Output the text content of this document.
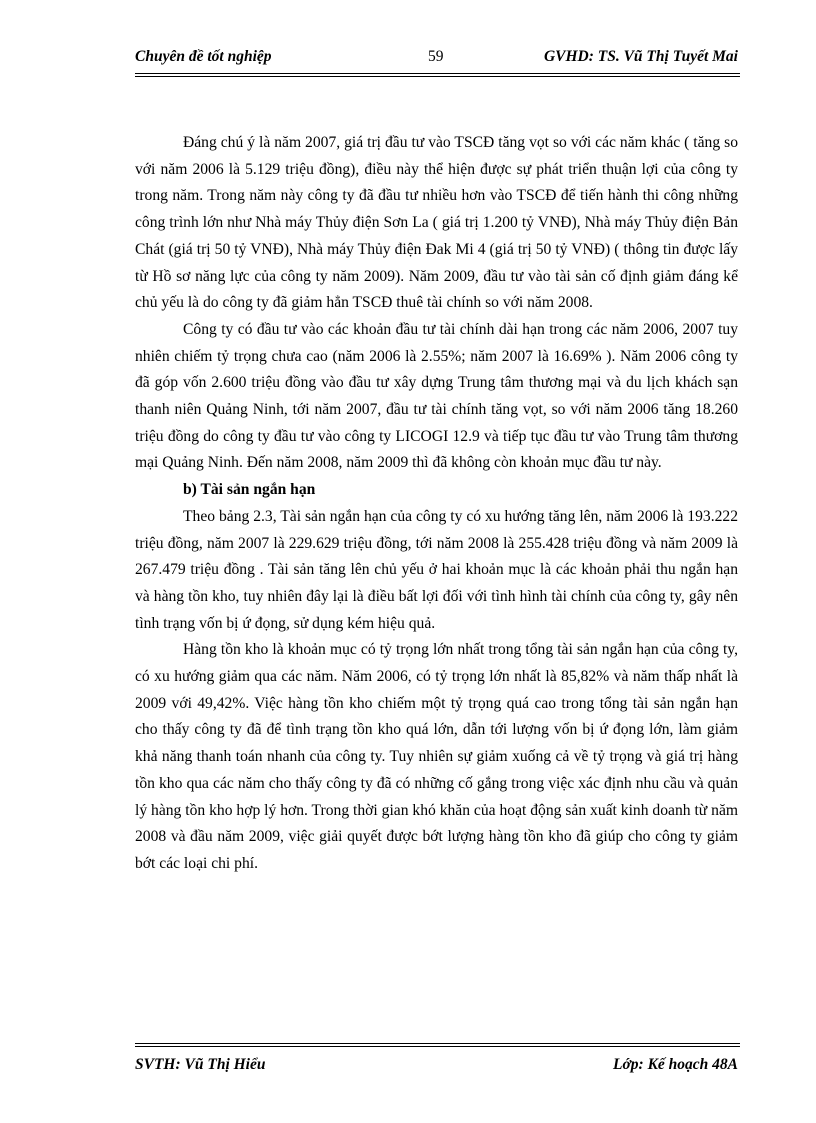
Chuyên đề tốt nghiệp	59	GVHD: TS. Vũ Thị Tuyết Mai

Đáng chú ý là năm 2007, giá trị đầu tư vào TSCĐ tăng vọt so với các năm khác ( tăng so với năm 2006 là 5.129 triệu đồng), điều này thể hiện được sự phát triển thuận lợi của công ty trong năm. Trong năm này công ty đã đầu tư nhiều hơn vào TSCĐ để tiến hành thi công những công trình lớn như Nhà máy Thủy điện Sơn La ( giá trị 1.200 tỷ VNĐ), Nhà máy Thủy điện Bản Chát (giá trị 50 tỷ VNĐ), Nhà máy Thủy điện Đak Mi 4 (giá trị 50 tỷ VNĐ) ( thông tin được lấy từ Hồ sơ năng lực của công ty năm 2009). Năm 2009, đầu tư vào tài sản cố định giảm đáng kể chủ yếu là do công ty đã giảm hẳn TSCĐ thuê tài chính so với năm 2008.

Công ty có đầu tư vào các khoản đầu tư tài chính dài hạn trong các năm 2006, 2007 tuy nhiên chiếm tỷ trọng chưa cao (năm 2006 là 2.55%; năm 2007 là 16.69% ). Năm 2006 công ty đã góp vốn 2.600 triệu đồng vào đầu tư xây dựng Trung tâm thương mại và du lịch khách sạn thanh niên Quảng Ninh, tới năm 2007, đầu tư tài chính tăng vọt, so với năm 2006 tăng 18.260 triệu đồng do công ty đầu tư vào công ty LICOGI 12.9 và tiếp tục đầu tư vào Trung tâm thương mại Quảng Ninh. Đến năm 2008, năm 2009 thì đã không còn khoản mục đầu tư này.

b) Tài sản ngắn hạn

Theo bảng 2.3, Tài sản ngắn hạn của công ty có xu hướng tăng lên, năm 2006 là 193.222 triệu đồng, năm 2007 là 229.629 triệu đồng, tới năm 2008 là 255.428 triệu đồng và năm 2009 là 267.479 triệu đồng . Tài sản tăng lên chủ yếu ở hai khoản mục là các khoản phải thu ngắn hạn và hàng tồn kho, tuy nhiên đây lại là điều bất lợi đối với tình hình tài chính của công ty, gây nên tình trạng vốn bị ứ đọng, sử dụng kém hiệu quả.

Hàng tồn kho là khoản mục có tỷ trọng lớn nhất trong tổng tài sản ngắn hạn của công ty, có xu hướng giảm qua các năm. Năm 2006, có tỷ trọng lớn nhất là 85,82% và năm thấp nhất là 2009 với 49,42%. Việc hàng tồn kho chiếm một tỷ trọng quá cao trong tổng tài sản ngắn hạn cho thấy công ty đã để tình trạng tồn kho quá lớn, dẫn tới lượng vốn bị ứ đọng lớn, làm giảm khả năng thanh toán nhanh của công ty. Tuy nhiên sự giảm xuống cả về tỷ trọng và giá trị hàng tồn kho qua các năm cho thấy công ty đã có những cố gắng trong việc xác định nhu cầu và quản lý hàng tồn kho hợp lý hơn. Trong thời gian khó khăn của hoạt động sản xuất kinh doanh từ năm 2008 và đầu năm 2009, việc giải quyết được bớt lượng hàng tồn kho đã giúp cho công ty giảm bớt các loại chi phí.

SVTH: Vũ Thị Hiểu	Lớp: Kế hoạch 48A
